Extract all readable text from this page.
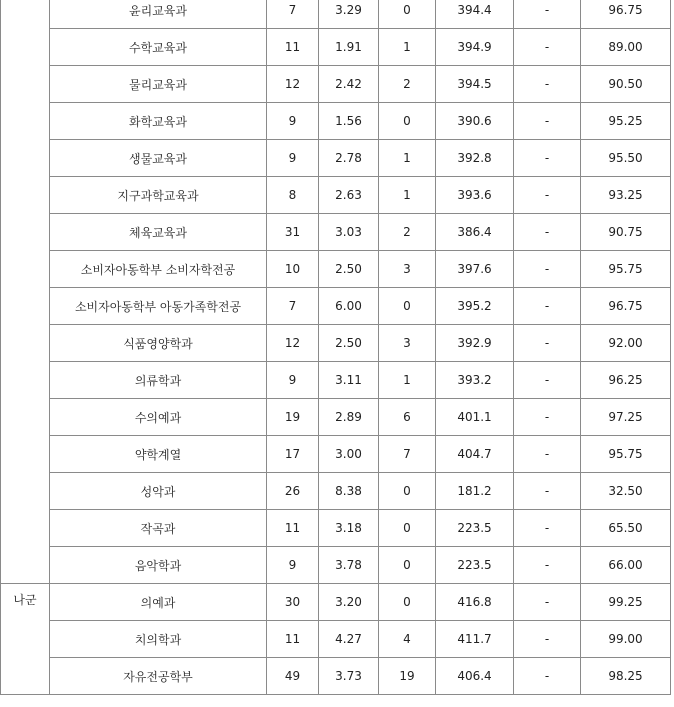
	윤리교육과	7	3.29	0	394.4	-	96.75
	수학교육과	11	1.91	1	394.9	-	89.00
	물리교육과	12	2.42	2	394.5	-	90.50
	화학교육과	9	1.56	0	390.6	-	95.25
	생물교육과	9	2.78	1	392.8	-	95.50
	지구과학교육과	8	2.63	1	393.6	-	93.25
	체육교육과	31	3.03	2	386.4	-	90.75
	소비자아동학부 소비자학전공	10	2.50	3	397.6	-	95.75
	소비자아동학부 아동가족학전공	7	6.00	0	395.2	-	96.75
	식품영양학과	12	2.50	3	392.9	-	92.00
	의류학과	9	3.11	1	393.2	-	96.25
	수의예과	19	2.89	6	401.1	-	97.25
	약학계열	17	3.00	7	404.7	-	95.75
	성악과	26	8.38	0	181.2	-	32.50
	작곡과	11	3.18	0	223.5	-	65.50
	음악학과	9	3.78	0	223.5	-	66.00
나군	의예과	30	3.20	0	416.8	-	99.25
	치의학과	11	4.27	4	411.7	-	99.00
	자유전공학부	49	3.73	19	406.4	-	98.25
